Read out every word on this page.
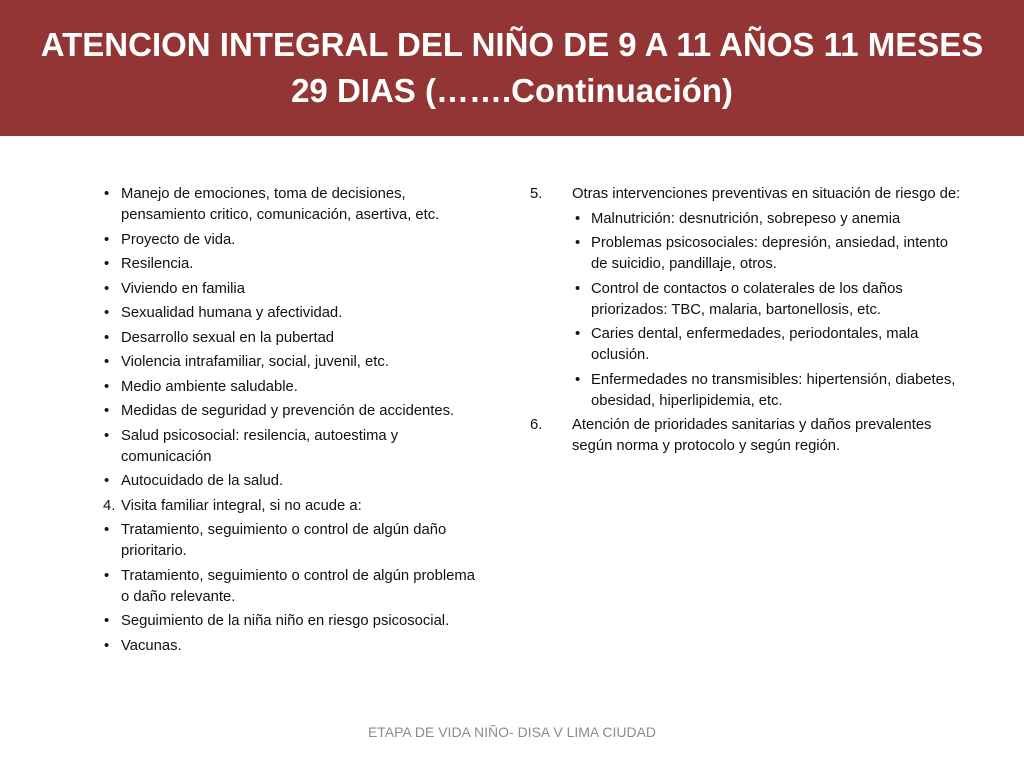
ATENCION INTEGRAL DEL NIÑO DE 9 A 11 AÑOS 11 MESES
29 DIAS (…….Continuación)
• Manejo de emociones, toma de decisiones, pensamiento critico, comunicación, asertiva, etc.
• Proyecto de vida.
• Resilencia.
• Viviendo en familia
• Sexualidad humana y afectividad.
• Desarrollo sexual en la pubertad
• Violencia intrafamiliar, social, juvenil, etc.
• Medio ambiente saludable.
• Medidas de seguridad y prevención de accidentes.
• Salud psicosocial: resilencia, autoestima y comunicación
• Autocuidado de la salud.
4. Visita familiar integral, si no acude a:
• Tratamiento, seguimiento o control de algún daño prioritario.
• Tratamiento, seguimiento o control de algún problema o daño relevante.
• Seguimiento de la niña niño en riesgo psicosocial.
• Vacunas.
5. Otras intervenciones preventivas en situación de riesgo de:
• Malnutrición: desnutrición, sobrepeso y anemia
• Problemas psicosociales: depresión, ansiedad, intento de suicidio, pandillaje, otros.
• Control de contactos o colaterales de los daños priorizados: TBC, malaria, bartonellosis, etc.
• Caries dental, enfermedades, periodontales, mala oclusión.
• Enfermedades no transmisibles: hipertensión, diabetes, obesidad, hiperlipidemia, etc.
6. Atención de prioridades sanitarias y daños prevalentes según norma y protocolo y según región.
ETAPA DE VIDA NIÑO- DISA V LIMA CIUDAD
